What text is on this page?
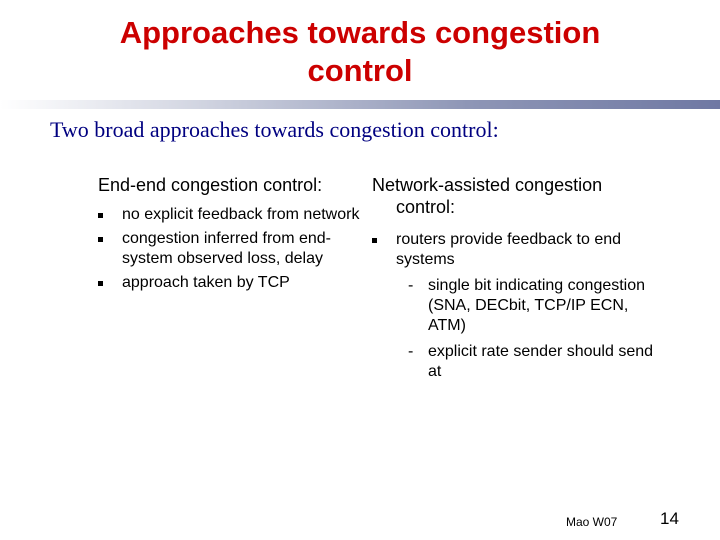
Approaches towards congestion
control

Two broad approaches towards congestion control:

End-end congestion control:

no explicit feedback from network
congestion inferred from end-system observed loss, delay
approach taken by TCP

Network-assisted congestion control:

routers provide feedback to end systems
- single bit indicating congestion (SNA, DECbit, TCP/IP ECN, ATM)
- explicit rate sender should send at

Mao W07	14
